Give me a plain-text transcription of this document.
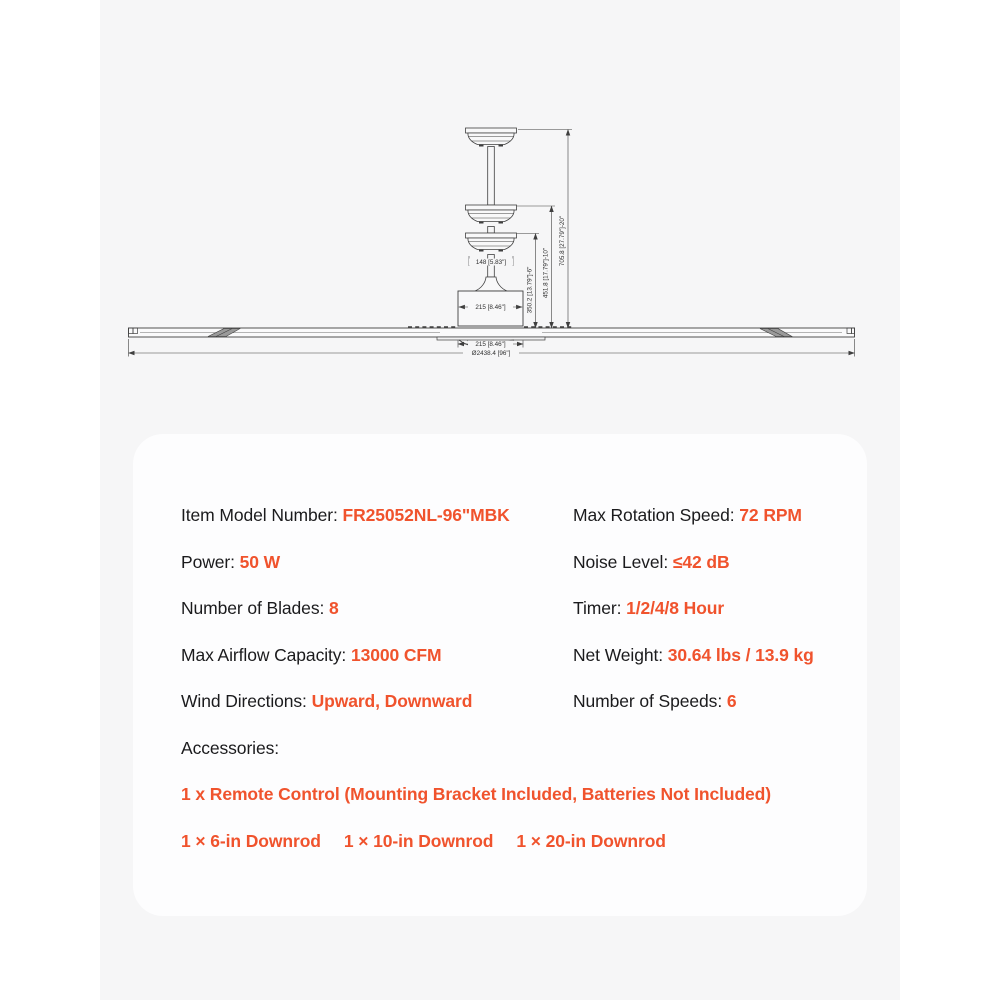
148 [5.83"]
215 [8.46"]
215 [8.46"]
Ø2438.4 [96"]
350.2 [13.79"]-6" 451.8 [17.79"]-10"
705.8 [27.79"]-20"

Item Model Number: FR25052NL-96"MBK	Max Rotation Speed: 72 RPM

Power: 50 W	Noise Level: ≤42 dB

Number of Blades: 8	Timer: 1/2/4/8 Hour

Max Airflow Capacity: 13000 CFM	Net Weight: 30.64 lbs / 13.9 kg

Wind Directions: Upward, Downward	Number of Speeds: 6

Accessories:

1 x Remote Control (Mounting Bracket Included, Batteries Not Included)

1 × 6-in Downrod 1 × 10-in Downrod 1 × 20-in Downrod
